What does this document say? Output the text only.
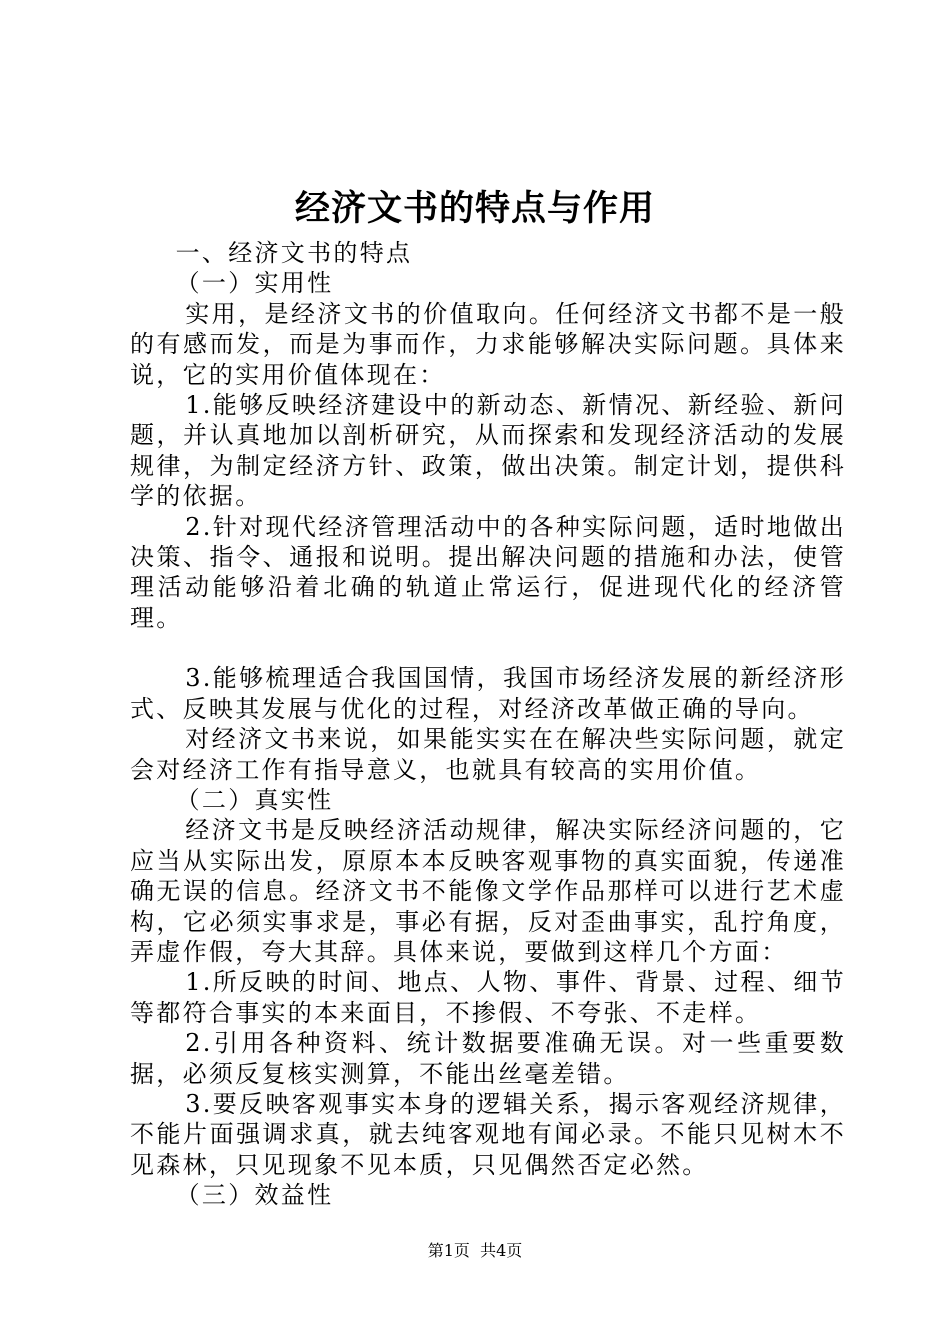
经济文书的特点与作用

一、经济文书的特点

（一）实用性

实用，是经济文书的价值取向。任何经济文书都不是一般的有感而发，而是为事而作，力求能够解决实际问题。具体来说，它的实用价值体现在：

1.能够反映经济建设中的新动态、新情况、新经验、新问题，并认真地加以剖析研究，从而探索和发现经济活动的发展规律，为制定经济方针、政策，做出决策。制定计划，提供科学的依据。

2.针对现代经济管理活动中的各种实际问题，适时地做出决策、指令、通报和说明。提出解决问题的措施和办法，使管理活动能够沿着北确的轨道止常运行，促进现代化的经济管理。

3.能够梳理适合我国国情，我国市场经济发展的新经济形式、反映其发展与优化的过程，对经济改革做正确的导向。

对经济文书来说，如果能实实在在解决些实际问题，就定会对经济工作有指导意义，也就具有较高的实用价值。

（二）真实性

经济文书是反映经济活动规律，解决实际经济问题的，它应当从实际出发，原原本本反映客观事物的真实面貌，传递准确无误的信息。经济文书不能像文学作品那样可以进行艺术虚构，它必须实事求是，事必有据，反对歪曲事实，乱拧角度，弄虚作假，夸大其辞。具体来说，要做到这样几个方面：

1.所反映的时间、地点、人物、事件、背景、过程、细节等都符合事实的本来面目，不掺假、不夸张、不走样。

2.引用各种资料、统计数据要准确无误。对一些重要数据，必须反复核实测算，不能出丝毫差错。

3.要反映客观事实本身的逻辑关系，揭示客观经济规律，不能片面强调求真，就去纯客观地有闻必录。不能只见树木不见森林，只见现象不见本质，只见偶然否定必然。

（三）效益性

第1页 共4页
